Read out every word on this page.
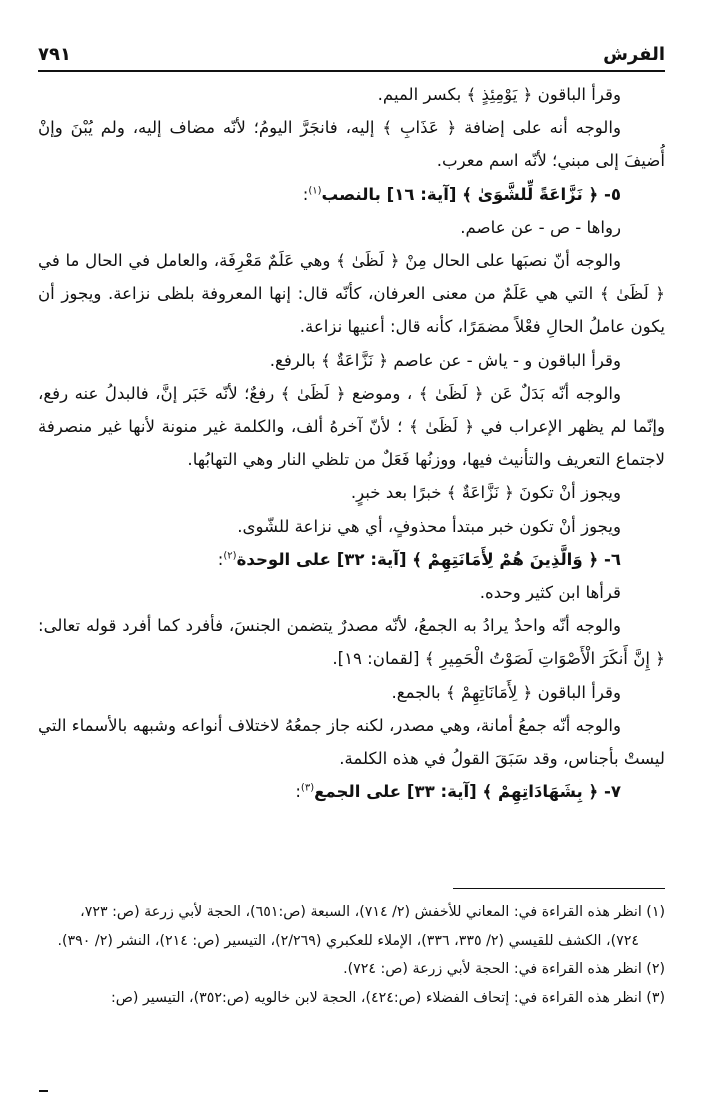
الفرش
٧٩١

وقرأ الباقون ﴿ يَوْمِئِذٍ ﴾ بكسر الميم.

والوجه أنه على إضافة ﴿ عَذَابِ ﴾ إليه، فانجَرَّ اليومُ؛ لأنّه مضاف إليه، ولم يُبْنَ وإنْ أُضيفَ إلى مبني؛ لأنّه اسم معرب.

٥- ﴿ نَزَّاعَةً لِّلشَّوَىٰ ﴾ [آية: ١٦] بالنصب$^{(١)}$:

رواها - ص - عن عاصم.

والوجه أنّ نصبَها على الحال مِنْ ﴿ لَظَىٰ ﴾ وهي عَلَمٌ مَعْرِفَة، والعامل في الحال ما في ﴿ لَظَىٰ ﴾ التي هي عَلَمٌ من معنى العرفان، كأنّه قال: إنها المعروفة بلظى نزاعة. ويجوز أن يكون عاملُ الحالِ فعْلاً مضمَرًا، كأنه قال: أعنيها نزاعة.

وقرأ الباقون و - ياش - عن عاصم ﴿ نَزَّاعَةٌ ﴾ بالرفع.

والوجه أنّه بَدَلٌ عَن ﴿ لَظَىٰ ﴾ ، وموضع ﴿ لَظَىٰ ﴾ رفعٌ؛ لأنّه خَبَر إنَّ، فالبدلُ عنه رفع، وإنّما لم يظهر الإعراب في ﴿ لَظَىٰ ﴾ ؛ لأنّ آخرهُ ألف، والكلمة غير منونة لأنها غير منصرفة لاجتماع التعريف والتأنيث فيها، ووزنُها فَعَلٌ من تلظي النار وهي التهابُها.

ويجوز أنْ تكونَ ﴿ نَزَّاعَةٌ ﴾ خبرًا بعد خبرٍ.

ويجوز أنْ تكون خبر مبتدأ محذوفٍ، أي هي نزاعة للشّوى.

٦- ﴿ وَالَّذِينَ هُمْ لِأَمَانَتِهِمْ ﴾ [آية: ٣٢] على الوحدة$^{(٢)}$:

قرأها ابن كثير وحده.

والوجه أنّه واحدٌ يرادُ به الجمعُ، لأنّه مصدرٌ يتضمن الجنسَ، فأفرد كما أفرد قوله تعالى: ﴿ إِنَّ أَنكَرَ الْأَصْوَاتِ لَصَوْتُ الْحَمِيرِ ﴾ [لقمان: ١٩].

وقرأ الباقون ﴿ لِأَمَانَاتِهِمْ ﴾ بالجمع.

والوجه أنّه جمعُ أمانة، وهي مصدر، لكنه جاز جمعُهُ لاختلاف أنواعه وشبهه بالأسماء التي ليستْ بأجناس، وقد سَبَقَ القولُ في هذه الكلمة.

٧- ﴿ بِشَهَادَاتِهِمْ ﴾ [آية: ٣٣] على الجمع$^{(٣)}$:

(١) انظر هذه القراءة في: المعاني للأخفش (٢/ ٧١٤)، السبعة (ص:٦٥١)، الحجة لأبي زرعة (ص: ٧٢٣،

٧٢٤)، الكشف للقيسي (٢/ ٣٣٥، ٣٣٦)، الإملاء للعكبري (٢/٢٦٩)، التيسير (ص: ٢١٤)، النشر (٢/ ٣٩٠).

(٢) انظر هذه القراءة في: الحجة لأبي زرعة (ص: ٧٢٤).

(٣) انظر هذه القراءة في: إتحاف الفضلاء (ص:٤٢٤)، الحجة لابن خالويه (ص:٣٥٢)، التيسير (ص:
